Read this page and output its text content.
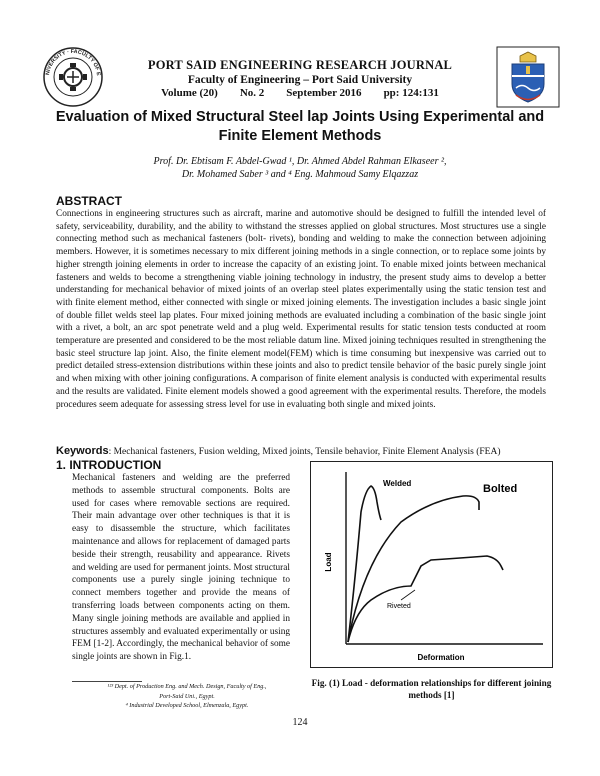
NIVERSITY · FACULTY OF E
PORT SAID ENGINEERING RESEARCH JOURNAL
Faculty of Engineering – Port Said University
Volume (20) No. 2 September 2016 pp: 124:131
Evaluation of Mixed Structural Steel lap Joints Using Experimental and Finite Element Methods
Prof. Dr. Ebtisam F. Abdel-Gwad ¹, Dr. Ahmed Abdel Rahman Elkaseer ²,
Dr. Mohamed Saber ³ and ⁴ Eng. Mahmoud Samy Elqazzaz
ABSTRACT
Connections in engineering structures such as aircraft, marine and automotive should be designed to fulfill the intended level of safety, serviceability, durability, and the ability to withstand the stresses applied on global structures. Most structures use a single connecting method such as mechanical fasteners (bolt- rivets), bonding and welding to make the connection between adjoining members. However, it is sometimes necessary to mix different joining methods in a single connection, or to replace some joints by higher strength joining elements in order to increase the capacity of an existing joint. To enable mixed joints between mechanical fasteners and welds to become a strengthening viable joining technology in industry, the present study aims to develop a better understanding for mechanical behavior of mixed joints of an overlap steel plates experimentally using the static tension test and with finite element method, either connected with single or mixed joining elements. The investigation includes a basic single joint of double fillet welds steel lap plates. Four mixed joining methods are evaluated including a combination of the basic single joint with a rivet, a bolt, an arc spot penetrate weld and a plug weld. Experimental results for static tension tests conducted at room temperature are presented and considered to be the most reliable datum line. Mixed joining techniques resulted in strengthening the basic steel structure lap joint. Also, the finite element model(FEM) which is time consuming but inexpensive was carried out to predict detailed stress-extension distributions within these joints and also to predict tensile behavior of the basic purely single joint and when mixing with other joining configurations. A comparison of finite element analysis is conducted with experimental results and the results are validated. Finite element models showed a good agreement with the experimental results. Therefore, the models procedures seem adequate for assessing stress level for use in evaluating both single and mixed joints.
Keywords: Mechanical fasteners, Fusion welding, Mixed joints, Tensile behavior, Finite Element Analysis (FEA)
1. INTRODUCTION
Mechanical fasteners and welding are the preferred methods to assemble structural components. Bolts are used for cases where removable sections are required. Their main advantage over other techniques is that it is easy to disassemble the structure, which facilitates maintenance and allows for replacement of damaged parts beside their strength, reusability and appearance. Rivets and welding are used for permanent joints. Most structural components use a purely single joining technique to connect members together and provide the means of transferring loads between components acting on them. Many single joining methods are available and applied in structures assembly and evaluated experimentally or using FEM [1-2]. Accordingly, the mechanical behavior of some single joints are shown in Fig.1.
¹²³ Dept. of Production Eng. and Mech. Design, Faculty of Eng.,
Port-Said Uni., Egypt.
⁴ Industrial Developed School, Elmenzala, Egypt.
Load
Deformation
Welded	Bolted
Riveted
Fig. (1) Load - deformation relationships for different joining methods [1]
124
